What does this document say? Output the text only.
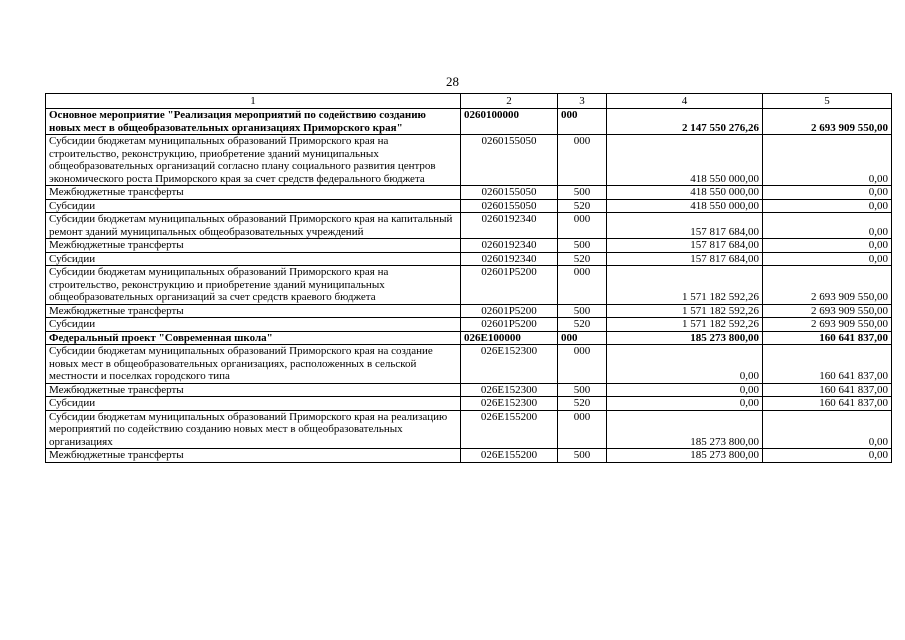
28
1	2	3	4	5
Основное мероприятие "Реализация мероприятий по содействию созданию новых мест в общеобразовательных организациях Приморского края"	0260100000	000	2 147 550 276,26	2 693 909 550,00
Субсидии бюджетам муниципальных образований Приморского края на строительство, реконструкцию, приобретение зданий муниципальных общеобразовательных организаций согласно плану социального развития центров экономического роста Приморского края за счет средств федерального бюджета	0260155050	000	418 550 000,00	0,00
Межбюджетные трансферты	0260155050	500	418 550 000,00	0,00
Субсидии	0260155050	520	418 550 000,00	0,00
Субсидии бюджетам муниципальных образований Приморского края на капитальный ремонт зданий муниципальных общеобразовательных учреждений	0260192340	000	157 817 684,00	0,00
Межбюджетные трансферты	0260192340	500	157 817 684,00	0,00
Субсидии	0260192340	520	157 817 684,00	0,00
Субсидии бюджетам муниципальных образований Приморского края на строительство, реконструкцию и приобретение зданий муниципальных общеобразовательных организаций за счет средств краевого бюджета	02601P5200	000	1 571 182 592,26	2 693 909 550,00
Межбюджетные трансферты	02601P5200	500	1 571 182 592,26	2 693 909 550,00
Субсидии	02601P5200	520	1 571 182 592,26	2 693 909 550,00
Федеральный проект "Современная школа"	026E100000	000	185 273 800,00	160 641 837,00
Субсидии бюджетам муниципальных образований Приморского края на создание новых мест в общеобразовательных организациях, расположенных в сельской местности и поселках городского типа	026E152300	000	0,00	160 641 837,00
Межбюджетные трансферты	026E152300	500	0,00	160 641 837,00
Субсидии	026E152300	520	0,00	160 641 837,00
Субсидии бюджетам муниципальных образований Приморского края на реализацию мероприятий по содействию созданию новых мест в общеобразовательных организациях	026E155200	000	185 273 800,00	0,00
Межбюджетные трансферты	026E155200	500	185 273 800,00	0,00
